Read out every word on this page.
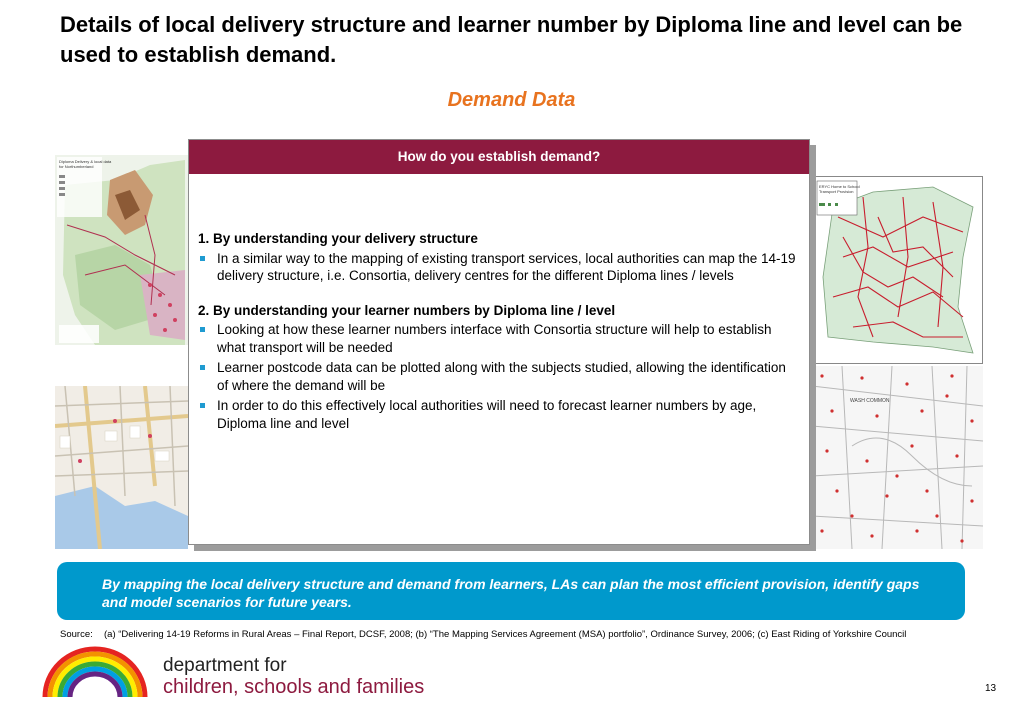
Details of local delivery structure and learner number by Diploma line and level can be used to establish demand.
Demand Data
Diploma Delivery & local data
for Northumberland
ERYC Home to School
Transport Provision
WASH COMMON
How do you establish demand?

1. By understanding your delivery structure

In a similar way to the mapping of existing transport services, local authorities can map the 14-19 delivery structure, i.e. Consortia, delivery centres for the different Diploma lines / levels

2. By understanding your learner numbers by Diploma line / level

Looking at how these learner numbers interface with Consortia structure will help to establish what transport will be needed
Learner postcode data can be plotted along with the subjects studied, allowing the identification of where the demand will be
In order to do this effectively local authorities will need to forecast learner numbers by age, Diploma line and level
By mapping the local delivery structure and demand from learners, LAs can plan the most efficient provision, identify gaps and model scenarios for future years.
Source: (a) “Delivering 14-19 Reforms in Rural Areas – Final Report, DCSF, 2008; (b) “The Mapping Services Agreement (MSA) portfolio”, Ordinance Survey, 2006; (c) East Riding of Yorkshire Council
department for
children, schools and families	13
